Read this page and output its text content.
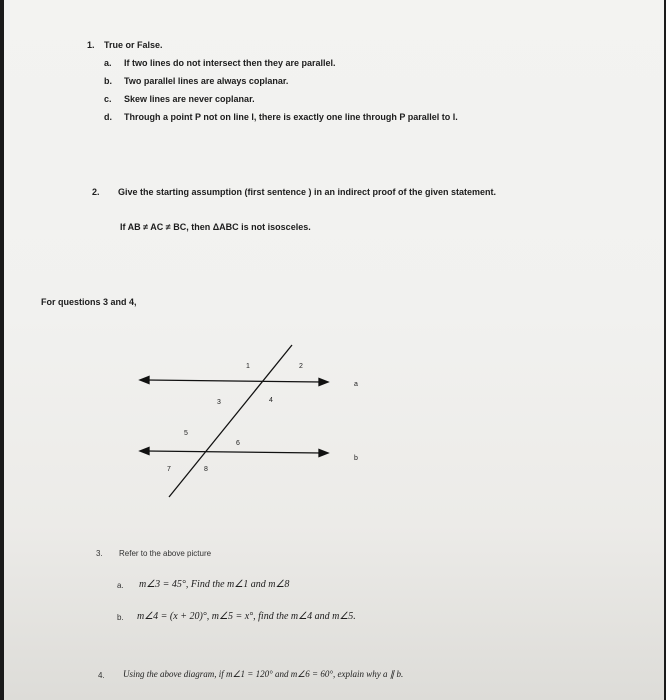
1. True or False.
a. If two lines do not intersect then they are parallel.
b. Two parallel lines are always coplanar.
c. Skew lines are never coplanar.
d. Through a point P not on line l, there is exactly one line through P parallel to l.
2. Give the starting assumption (first sentence ) in an indirect proof of the given statement.
If AB ≠ AC ≠ BC, then ΔABC is not isosceles.
For questions 3 and 4,
1	2
3	4
5
6
7	8
a
b
3. Refer to the above picture
a. m∠3 = 45°, Find the m∠1 and m∠8
b. m∠4 = (x + 20)°, m∠5 = x°, find the m∠4 and m∠5.
4. Using the above diagram, if m∠1 = 120° and m∠6 = 60°, explain why a ∥ b.
